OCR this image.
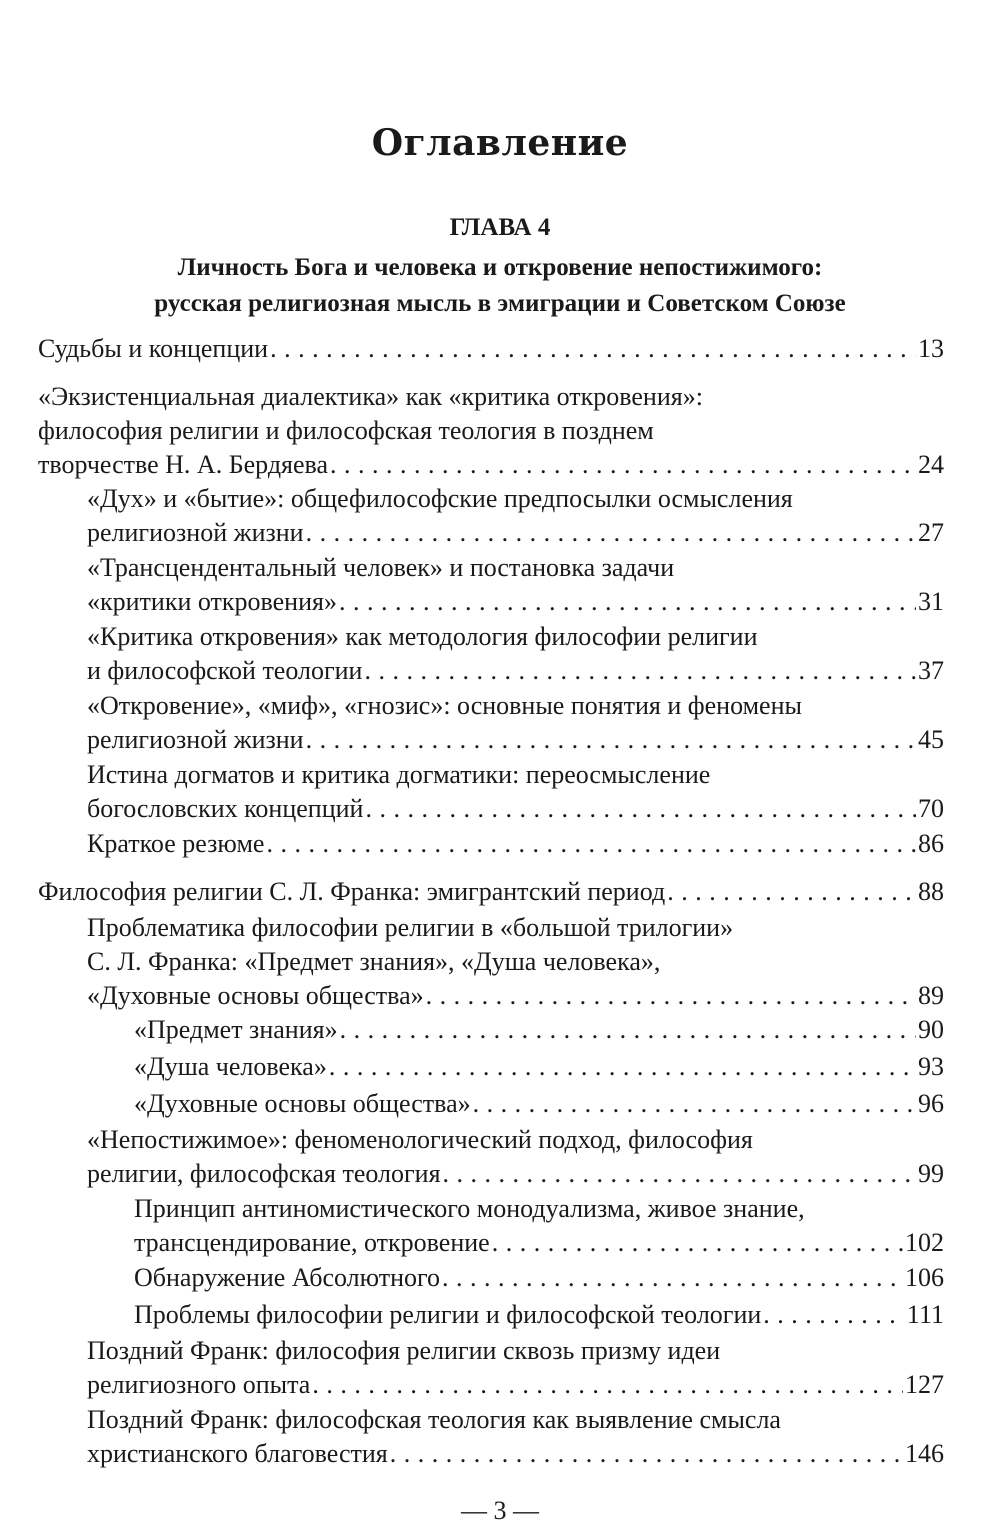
Оглавление
ГЛАВА 4
Личность Бога и человека и откровение непостижимого:
русская религиозная мысль в эмиграции и Советском Союзе
Судьбы и концепции . . .	13
«Экзистенциальная диалектика» как «критика откровения»:
философия религии и философская теология в позднем
творчестве Н. А. Бердяева . . .	24
«Дух» и «бытие»: общефилософские предпосылки осмысления
религиозной жизни . . .	27
«Трансцендентальный человек» и постановка задачи
«критики откровения» . . .	31
«Критика откровения» как методология философии религии
и философской теологии . . .	37
«Откровение», «миф», «гнозис»: основные понятия и феномены
религиозной жизни . . .	45
Истина догматов и критика догматики: переосмысление
богословских концепций . . .	70
Краткое резюме . . .	86
Философия религии С. Л. Франка: эмигрантский период . . .	88
Проблематика философии религии в «большой трилогии»
С. Л. Франка: «Предмет знания», «Душа человека»,
«Духовные основы общества» . . .	89
«Предмет знания» . . .	90
«Душа человека» . . .	93
«Духовные основы общества» . . .	96
«Непостижимое»: феноменологический подход, философия
религии, философская теология . . .	99
Принцип антиномистического монодуализма, живое знание,
трансцендирование, откровение . . .	102
Обнаружение Абсолютного . . .	106
Проблемы философии религии и философской теологии . . .	111
Поздний Франк: философия религии сквозь призму идеи
религиозного опыта . . .	127
Поздний Франк: философская теология как выявление смысла
христианского благовестия . . .	146
— 3 —
